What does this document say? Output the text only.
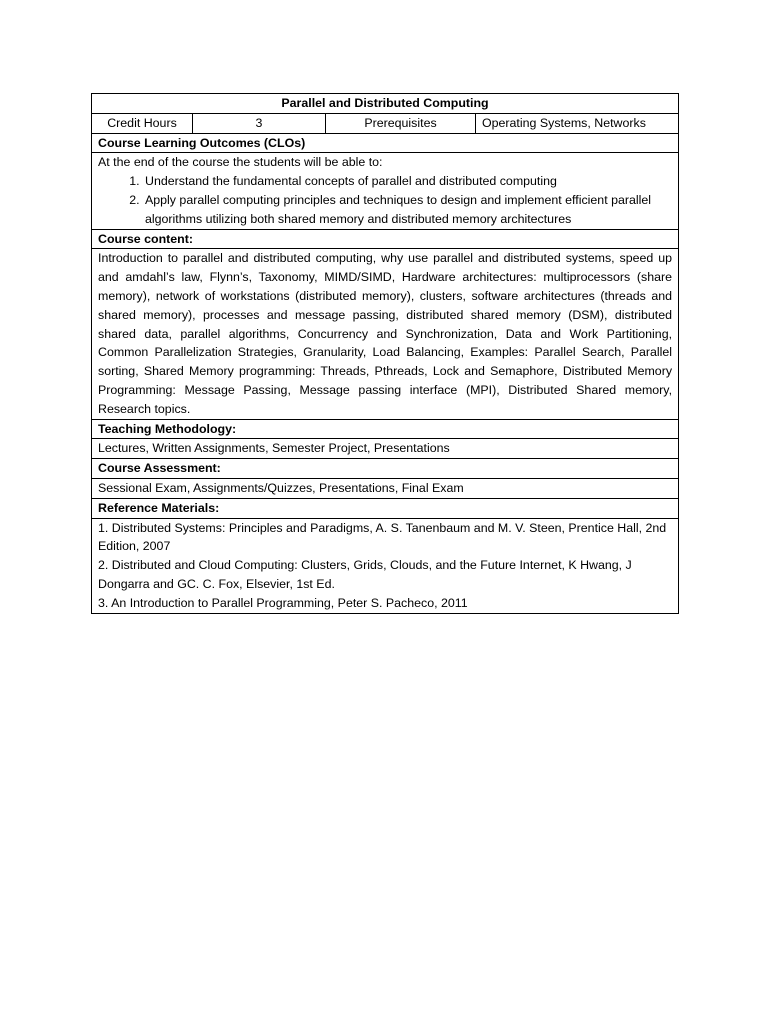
Parallel and Distributed Computing
Credit Hours	3	Prerequisites	Operating Systems, Networks
Course Learning Outcomes (CLOs)

At the end of the course the students will be able to:
1. Understand the fundamental concepts of parallel and distributed computing
2. Apply parallel computing principles and techniques to design and implement efficient parallel algorithms utilizing both shared memory and distributed memory architectures

Course content:
Introduction to parallel and distributed computing, why use parallel and distributed systems, speed up and amdahl’s law, Flynn’s, Taxonomy, MIMD/SIMD, Hardware architectures: multiprocessors (share memory), network of workstations (distributed memory), clusters, software architectures (threads and shared memory), processes and message passing, distributed shared memory (DSM), distributed shared data, parallel algorithms, Concurrency and Synchronization, Data and Work Partitioning, Common Parallelization Strategies, Granularity, Load Balancing, Examples: Parallel Search, Parallel sorting, Shared Memory programming: Threads, Pthreads, Lock and Semaphore, Distributed Memory Programming: Message Passing, Message passing interface (MPI), Distributed Shared memory, Research topics.
Teaching Methodology:
Lectures, Written Assignments, Semester Project, Presentations
Course Assessment:
Sessional Exam, Assignments/Quizzes, Presentations, Final Exam
Reference Materials:

1. Distributed Systems: Principles and Paradigms, A. S. Tanenbaum and M. V. Steen, Prentice Hall, 2nd Edition, 2007
2. Distributed and Cloud Computing: Clusters, Grids, Clouds, and the Future Internet, K Hwang, J Dongarra and GC. C. Fox, Elsevier, 1st Ed.
3. An Introduction to Parallel Programming, Peter S. Pacheco, 2011
